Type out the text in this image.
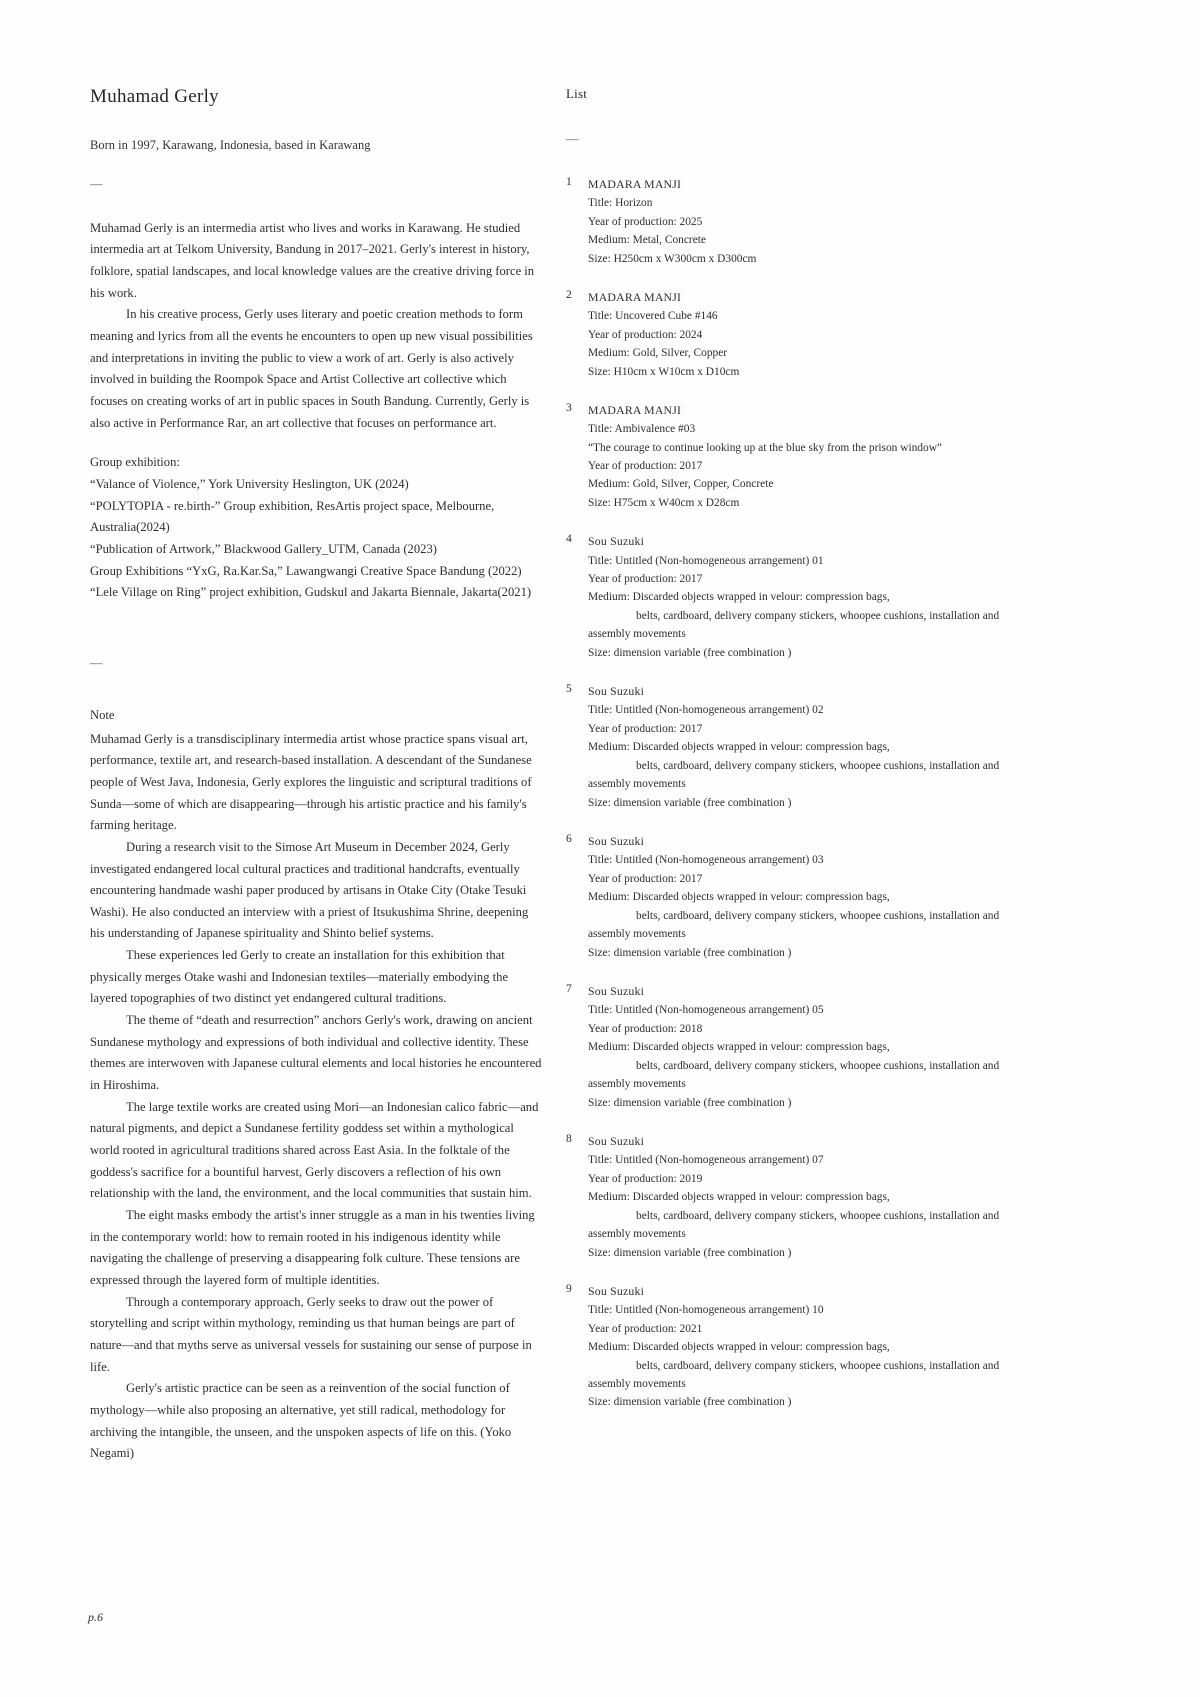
Muhamad Gerly
Born in 1997, Karawang, Indonesia, based in Karawang
—

Muhamad Gerly is an intermedia artist who lives and works in Karawang. He studied intermedia art at Telkom University, Bandung in 2017–2021. Gerly's interest in history, folklore, spatial landscapes, and local knowledge values are the creative driving force in his work.

In his creative process, Gerly uses literary and poetic creation methods to form meaning and lyrics from all the events he encounters to open up new visual possibilities and interpretations in inviting the public to view a work of art. Gerly is also actively involved in building the Roompok Space and Artist Collective art collective which focuses on creating works of art in public spaces in South Bandung. Currently, Gerly is also active in Performance Rar, an art collective that focuses on performance art.

Group exhibition:
“Valance of Violence,” York University Heslington, UK (2024)
“POLYTOPIA - re.birth-” Group exhibition, ResArtis project space, Melbourne, Australia(2024)
“Publication of Artwork,” Blackwood Gallery_UTM, Canada (2023)
Group Exhibitions “YxG, Ra.Kar.Sa,” Lawangwangi Creative Space Bandung (2022)
“Lele Village on Ring” project exhibition, Gudskul and Jakarta Biennale, Jakarta(2021)
—
Note

Muhamad Gerly is a transdisciplinary intermedia artist whose practice spans visual art, performance, textile art, and research-based installation. A descendant of the Sundanese people of West Java, Indonesia, Gerly explores the linguistic and scriptural traditions of Sunda—some of which are disappearing—through his artistic practice and his family's farming heritage.

During a research visit to the Simose Art Museum in December 2024, Gerly investigated endangered local cultural practices and traditional handcrafts, eventually encountering handmade washi paper produced by artisans in Otake City (Otake Tesuki Washi). He also conducted an interview with a priest of Itsukushima Shrine, deepening his understanding of Japanese spirituality and Shinto belief systems.

These experiences led Gerly to create an installation for this exhibition that physically merges Otake washi and Indonesian textiles—materially embodying the layered topographies of two distinct yet endangered cultural traditions.

The theme of “death and resurrection” anchors Gerly's work, drawing on ancient Sundanese mythology and expressions of both individual and collective identity. These themes are interwoven with Japanese cultural elements and local histories he encountered in Hiroshima.

The large textile works are created using Mori—an Indonesian calico fabric—and natural pigments, and depict a Sundanese fertility goddess set within a mythological world rooted in agricultural traditions shared across East Asia. In the folktale of the goddess's sacrifice for a bountiful harvest, Gerly discovers a reflection of his own relationship with the land, the environment, and the local communities that sustain him.

The eight masks embody the artist's inner struggle as a man in his twenties living in the contemporary world: how to remain rooted in his indigenous identity while navigating the challenge of preserving a disappearing folk culture. These tensions are expressed through the layered form of multiple identities.

Through a contemporary approach, Gerly seeks to draw out the power of storytelling and script within mythology, reminding us that human beings are part of nature—and that myths serve as universal vessels for sustaining our sense of purpose in life.

Gerly's artistic practice can be seen as a reinvention of the social function of mythology—while also proposing an alternative, yet still radical, methodology for archiving the intangible, the unseen, and the unspoken aspects of life on this. (Yoko Negami)

List
—
1	MADARA MANJI
Title: Horizon
Year of production: 2025
Medium: Metal, Concrete
Size: H250cm x W300cm x D300cm
2	MADARA MANJI
Title: Uncovered Cube #146
Year of production: 2024
Medium: Gold, Silver, Copper
Size: H10cm x W10cm x D10cm
3	MADARA MANJI
Title: Ambivalence #03
“The courage to continue looking up at the blue sky from the prison window”
Year of production: 2017
Medium: Gold, Silver, Copper, Concrete
Size: H75cm x W40cm x D28cm
4	Sou Suzuki
Title: Untitled (Non-homogeneous arrangement) 01
Year of production: 2017
Medium: Discarded objects wrapped in velour: compression bags,
belts, cardboard, delivery company stickers, whoopee cushions, installation and
assembly movements
Size: dimension variable (free combination )
5	Sou Suzuki
Title: Untitled (Non-homogeneous arrangement) 02
Year of production: 2017
Medium: Discarded objects wrapped in velour: compression bags,
belts, cardboard, delivery company stickers, whoopee cushions, installation and
assembly movements
Size: dimension variable (free combination )
6	Sou Suzuki
Title: Untitled (Non-homogeneous arrangement) 03
Year of production: 2017
Medium: Discarded objects wrapped in velour: compression bags,
belts, cardboard, delivery company stickers, whoopee cushions, installation and
assembly movements
Size: dimension variable (free combination )
7	Sou Suzuki
Title: Untitled (Non-homogeneous arrangement) 05
Year of production: 2018
Medium: Discarded objects wrapped in velour: compression bags,
belts, cardboard, delivery company stickers, whoopee cushions, installation and
assembly movements
Size: dimension variable (free combination )
8	Sou Suzuki
Title: Untitled (Non-homogeneous arrangement) 07
Year of production: 2019
Medium: Discarded objects wrapped in velour: compression bags,
belts, cardboard, delivery company stickers, whoopee cushions, installation and
assembly movements
Size: dimension variable (free combination )
9	Sou Suzuki
Title: Untitled (Non-homogeneous arrangement) 10
Year of production: 2021
Medium: Discarded objects wrapped in velour: compression bags,
belts, cardboard, delivery company stickers, whoopee cushions, installation and
assembly movements
Size: dimension variable (free combination )
p.6
